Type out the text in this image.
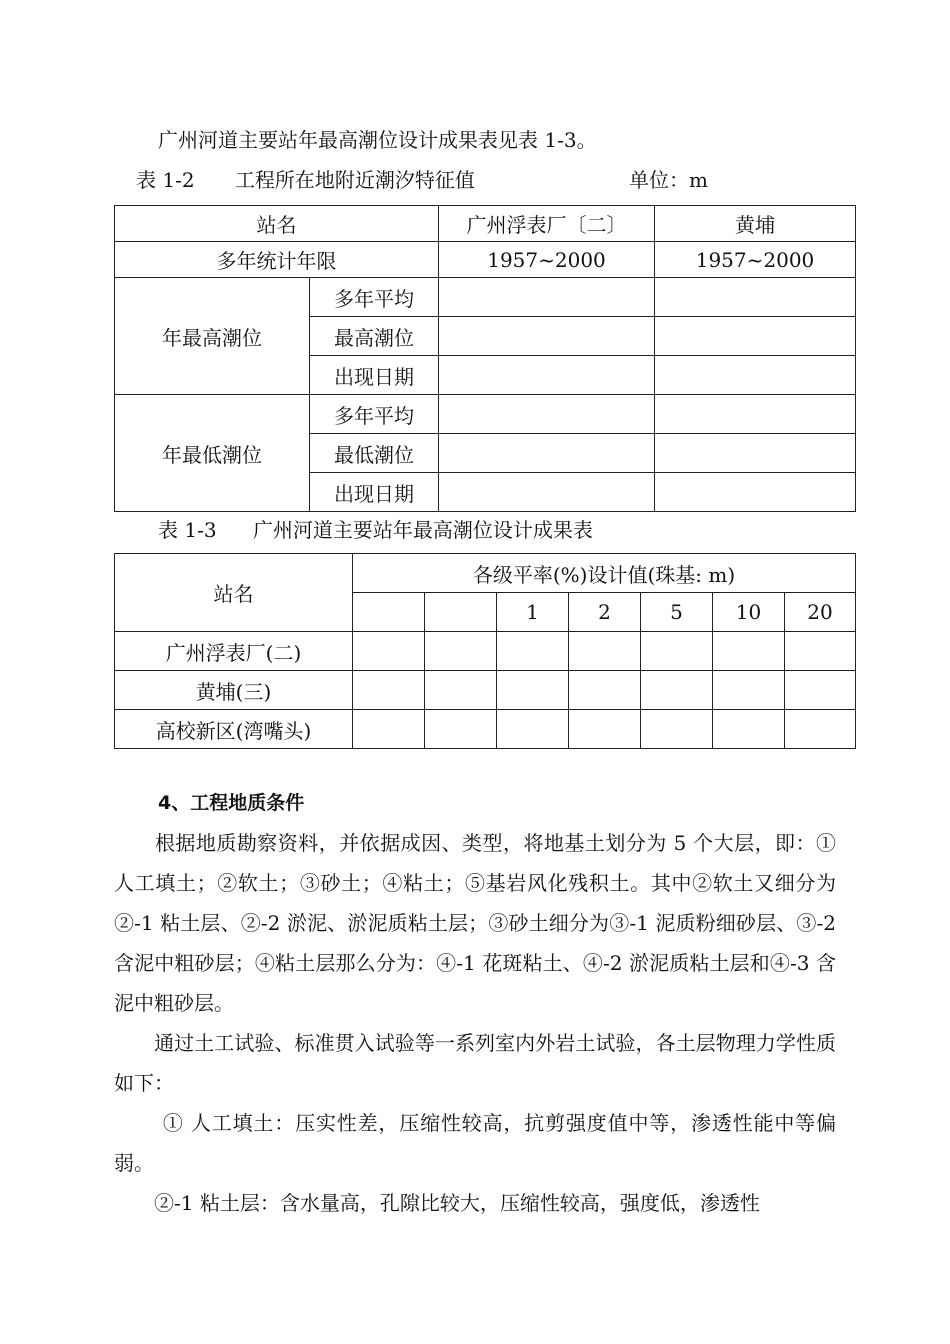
广州河道主要站年最高潮位设计成果表见表 1-3。
表 1-2 工程所在地附近潮汐特征值	单位：m
站名		广州浮表厂〔二〕	黄埔
多年统计年限		1957~2000	1957~2000
年最高潮位	多年平均		
	最高潮位		
	出现日期		
年最低潮位	多年平均		
	最低潮位		
	出现日期		
表 1-3 广州河道主要站年最高潮位设计成果表
站名	各级平率(%)设计值(珠基: m)						
			1	2	5	10	20
广州浮表厂(二)							
黄埔(三)							
高校新区(湾嘴头)							
4、工程地质条件
　　根据地质勘察资料，并依据成因、类型，将地基土划分为 5 个大层，即：①人工填土；②软土；③砂土；④粘土；⑤基岩风化残积土。其中②软土又细分为②-1 粘土层、②-2 淤泥、淤泥质粘土层；③砂土细分为③-1 泥质粉细砂层、③-2 含泥中粗砂层；④粘土层那么分为：④-1 花斑粘土、④-2 淤泥质粘土层和④-3 含泥中粗砂层。
　　通过土工试验、标准贯入试验等一系列室内外岩土试验，各土层物理力学性质如下：
　　 ① 人工填土：压实性差，压缩性较高，抗剪强度值中等，渗透性能中等偏弱。
　　②-1 粘土层：含水量高，孔隙比较大，压缩性较高，强度低，渗透性
